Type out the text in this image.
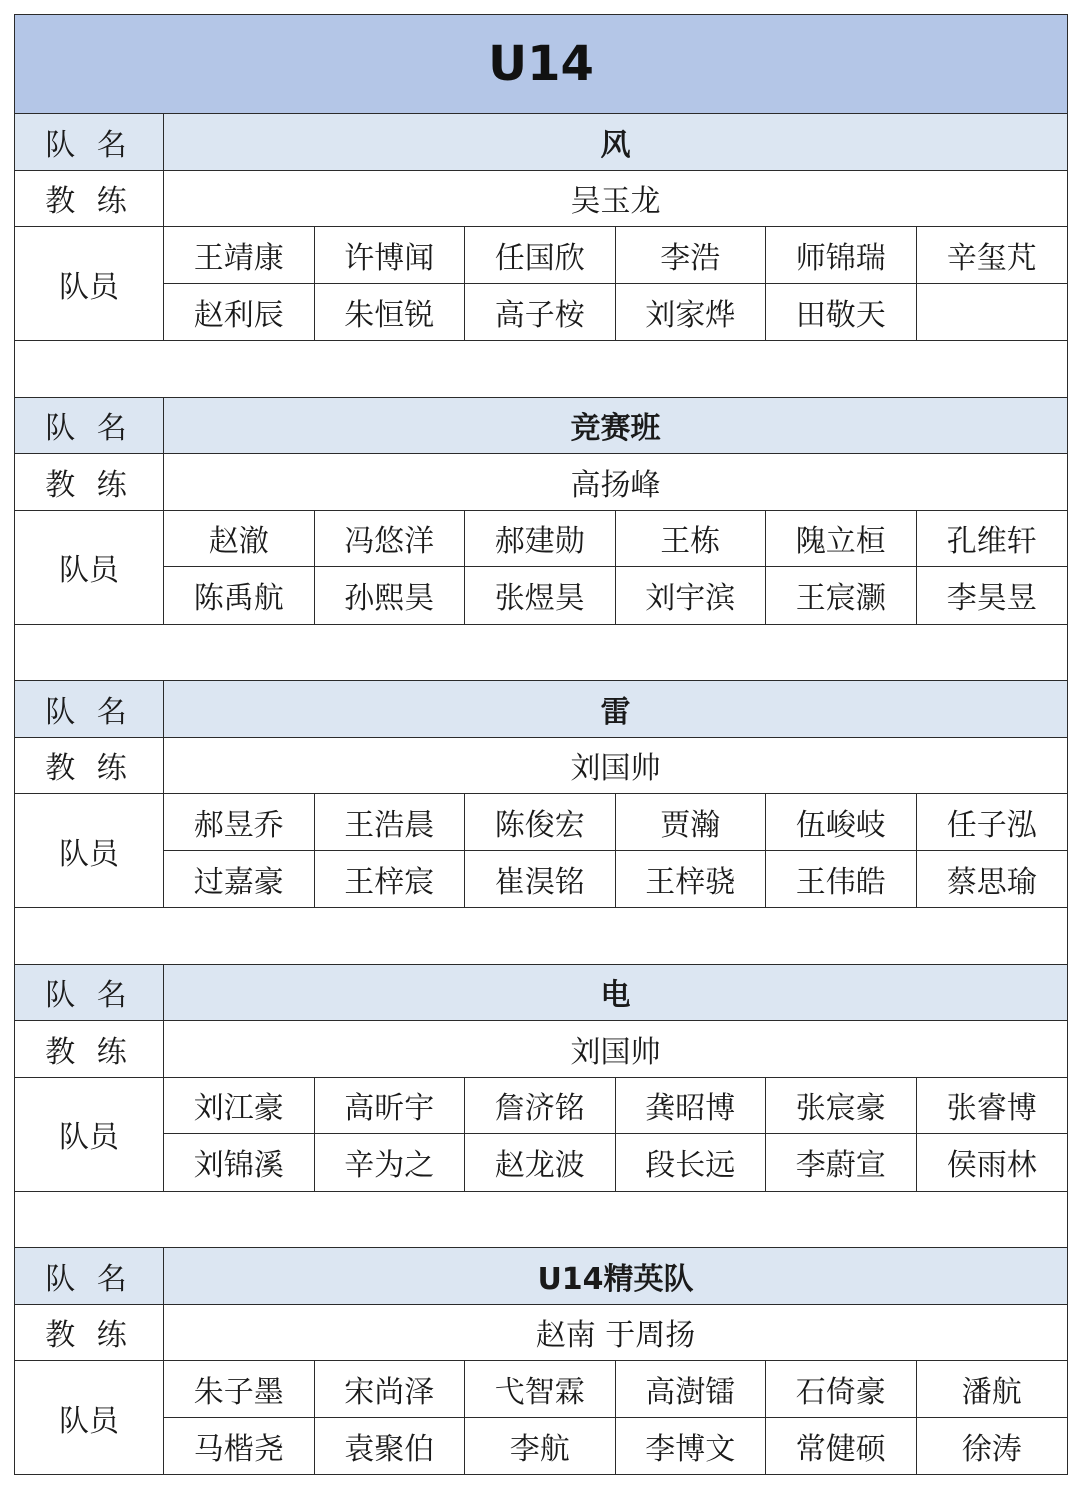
U14
队 名	风
教 练	吴玉龙
队员
王靖康	许博闻	任国欣	李浩	师锦瑞	辛玺芃
赵利辰	朱恒锐	高子桉	刘家烨	田敬天
队 名	竞赛班
教 练	高扬峰
队员
赵澈	冯悠洋	郝建勋	王栋	隗立桓	孔维轩
陈禹航	孙熙昊	张煜昊	刘宇滨	王宸灏	李昊昱
队 名	雷
教 练	刘国帅
队员
郝昱乔	王浩晨	陈俊宏	贾瀚	伍峻岐	任子泓
过嘉豪	王梓宸	崔淏铭	王梓骁	王伟皓	蔡思瑜
队 名	电
教 练	刘国帅
队员
刘江豪	高昕宇	詹济铭	龚昭博	张宸豪	张睿博
刘锦溪	辛为之	赵龙波	段长远	李蔚宣	侯雨林
队 名	U14精英队
教 练	赵南 于周扬
队员
朱子墨	宋尚泽	弋智霖	高澍镭	石倚豪	潘航
马楷尧	袁聚伯	李航	李博文	常健硕	徐涛
